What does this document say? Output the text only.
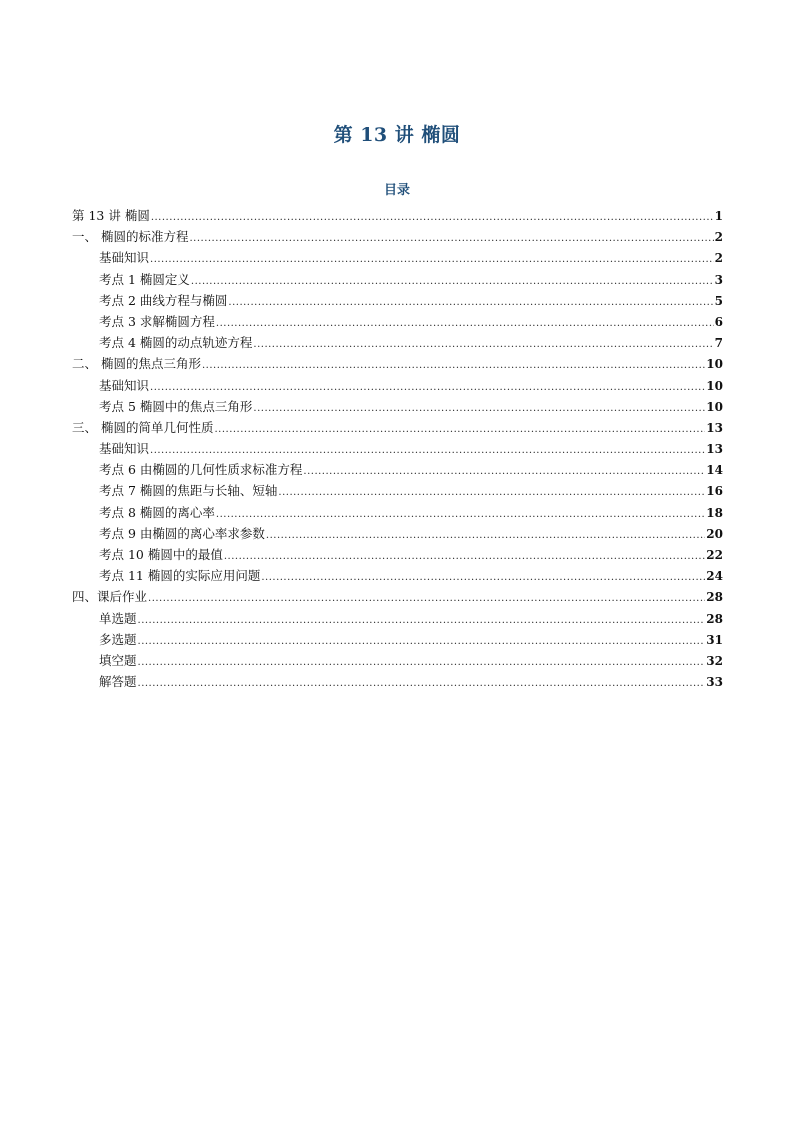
第 13 讲 椭圆
目录
第 13 讲 椭圆 .....	1
一、 椭圆的标准方程 .....	2
基础知识 .....	2
考点 1 椭圆定义 .....	3
考点 2 曲线方程与椭圆 .....	5
考点 3 求解椭圆方程 .....	6
考点 4 椭圆的动点轨迹方程 .....	7
二、 椭圆的焦点三角形 .....	10
基础知识 .....	10
考点 5 椭圆中的焦点三角形 .....	10
三、 椭圆的简单几何性质 .....	13
基础知识 .....	13
考点 6 由椭圆的几何性质求标准方程 .....	14
考点 7 椭圆的焦距与长轴、短轴 .....	16
考点 8 椭圆的离心率 .....	18
考点 9 由椭圆的离心率求参数 .....	20
考点 10 椭圆中的最值 .....	22
考点 11 椭圆的实际应用问题 .....	24
四、课后作业 .....	28
单选题 .....	28
多选题 .....	31
填空题 .....	32
解答题 .....	33
